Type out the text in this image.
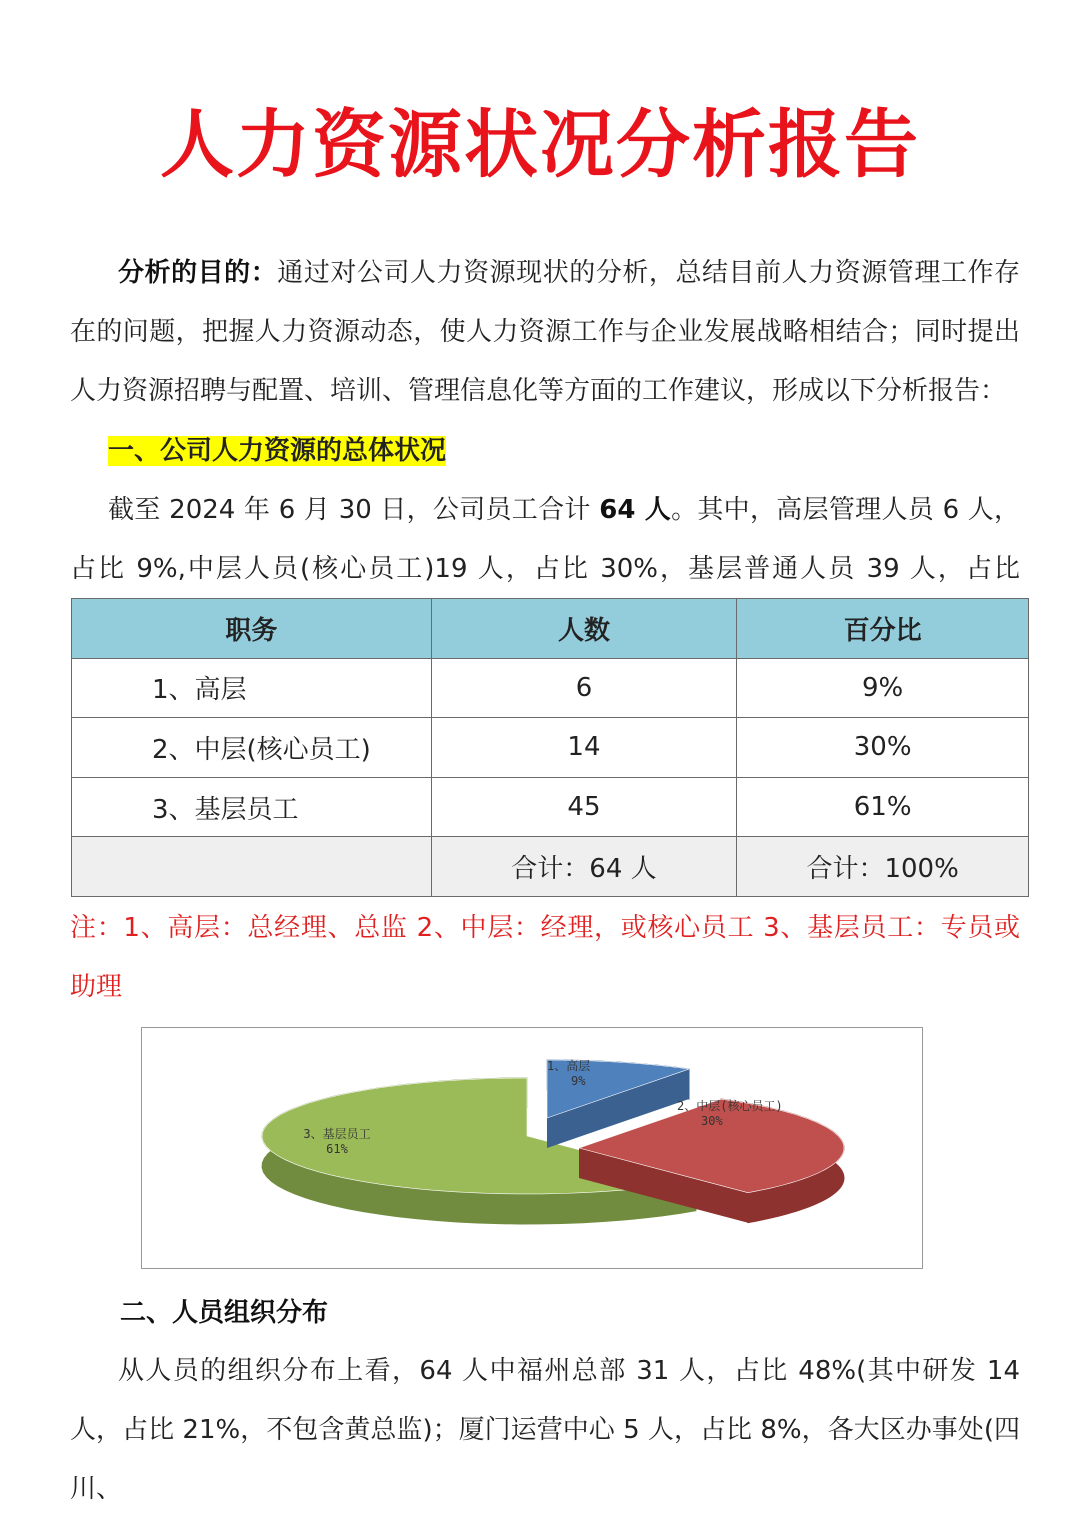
人力资源状况分析报告

分析的目的：通过对公司人力资源现状的分析，总结目前人力资源管理工作存在的问题，把握人力资源动态，使人力资源工作与企业发展战略相结合；同时提出人力资源招聘与配置、培训、管理信息化等方面的工作建议，形成以下分析报告：

一、公司人力资源的总体状况

截至 2024 年 6 月 30 日，公司员工合计 64 人。其中，高层管理人员 6 人，占比 9%,中层人员(核心员工)19 人，占比 30%，基层普通人员 39 人，占比

职务	人数	百分比
1、高层	6	9%
2、中层(核心员工)	14	30%
3、基层员工	45	61%
	合计：64 人	合计：100%

注：1、高层：总经理、总监 2、中层：经理，或核心员工 3、基层员工：专员或助理

1、高层
9%
2、中层(核心员工)
30%
3、基层员工
61%
二、人员组织分布

从人员的组织分布上看，64 人中福州总部 31 人，占比 48%(其中研发 14 人，占比 21%，不包含黄总监)；厦门运营中心 5 人，占比 8%，各大区办事处(四川、
